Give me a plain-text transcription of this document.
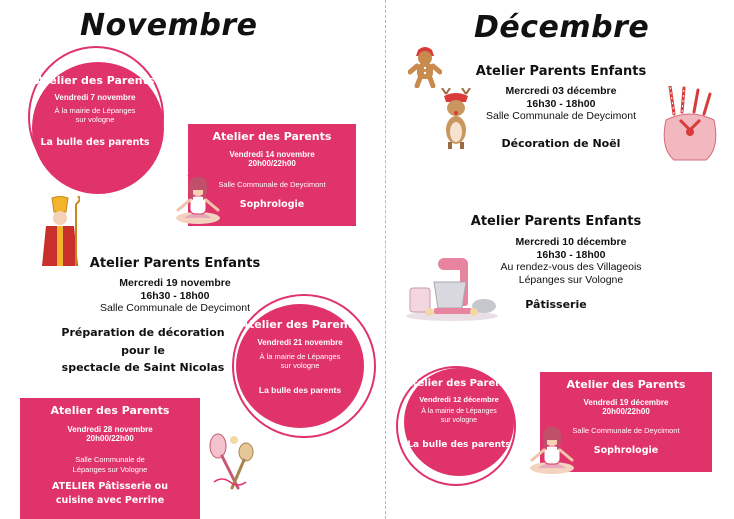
Novembre
Atelier des Parents
Vendredi 7 novembre
À la mairie de Lépanges
sur vologne
La bulle des parents	Atelier des Parents
Vendredi 14 novembre
20h00/22h00
Salle Communale de Deycimont
Sophrologie
Atelier Parents Enfants
Mercredi 19 novembre
16h30 - 18h00
Salle Communale de Deycimont
Préparation de décoration pour le
spectacle de Saint Nicolas
Atelier des Parents
Vendredi 21 novembre
À la mairie de Lépanges
sur vologne
La bulle des parents
Atelier des Parents
Vendredi 28 novembre
20h00/22h00
Salle Communale de
Lépanges sur Vologne
ATELIER Pâtisserie ou
cuisine avec Perrine
Décembre
Atelier Parents Enfants
Mercredi 03 décembre
16h30 - 18h00
Salle Communale de Deycimont
Décoration de Noël
Atelier Parents Enfants
Mercredi 10 décembre
16h30 - 18h00
Au rendez-vous des Villageois
Lépanges sur Vologne
Pâtisserie
Atelier des Parents
Vendredi 12 décembre
À la mairie de Lépanges
sur vologne
La bulle des parents
Atelier des Parents
Vendredi 19 décembre
20h00/22h00
Salle Communale de Deycimont
Sophrologie
